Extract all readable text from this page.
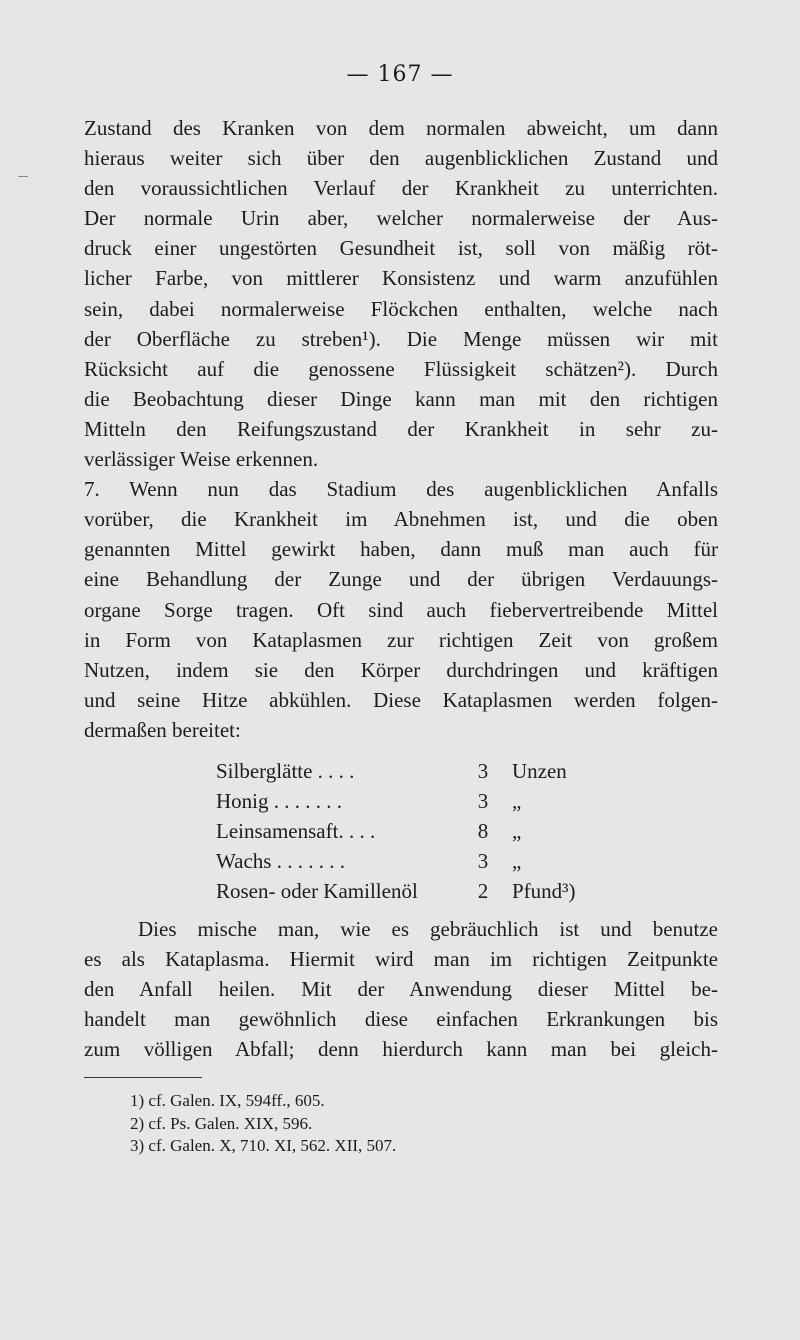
— 167 —
Zustand des Kranken von dem normalen abweicht, um dann
hieraus weiter sich über den augenblicklichen Zustand und
den voraussichtlichen Verlauf der Krankheit zu unterrichten.
Der normale Urin aber, welcher normalerweise der Aus-
druck einer ungestörten Gesundheit ist, soll von mäßig röt-
licher Farbe, von mittlerer Konsistenz und warm anzufühlen
sein, dabei normalerweise Flöckchen enthalten, welche nach
der Oberfläche zu streben¹). Die Menge müssen wir mit
Rücksicht auf die genossene Flüssigkeit schätzen²). Durch
die Beobachtung dieser Dinge kann man mit den richtigen
Mitteln den Reifungszustand der Krankheit in sehr zu-
verlässiger Weise erkennen.
7. Wenn nun das Stadium des augenblicklichen Anfalls
vorüber, die Krankheit im Abnehmen ist, und die oben
genannten Mittel gewirkt haben, dann muß man auch für
eine Behandlung der Zunge und der übrigen Verdauungs-
organe Sorge tragen. Oft sind auch fiebervertreibende Mittel
in Form von Kataplasmen zur richtigen Zeit von großem
Nutzen, indem sie den Körper durchdringen und kräftigen
und seine Hitze abkühlen. Diese Kataplasmen werden folgen-
dermaßen bereitet:
Silberglätte . . . .	3	Unzen
Honig . . . . . . .	3	„
Leinsamensaft. . . .	8	„
Wachs . . . . . . .	3	„
Rosen- oder Kamillenöl	2	Pfund³)
Dies mische man, wie es gebräuchlich ist und benutze
es als Kataplasma. Hiermit wird man im richtigen Zeitpunkte
den Anfall heilen. Mit der Anwendung dieser Mittel be-
handelt man gewöhnlich diese einfachen Erkrankungen bis
zum völligen Abfall; denn hierdurch kann man bei gleich-
1) cf. Galen. IX, 594ff., 605.
2) cf. Ps. Galen. XIX, 596.
3) cf. Galen. X, 710. XI, 562. XII, 507.
